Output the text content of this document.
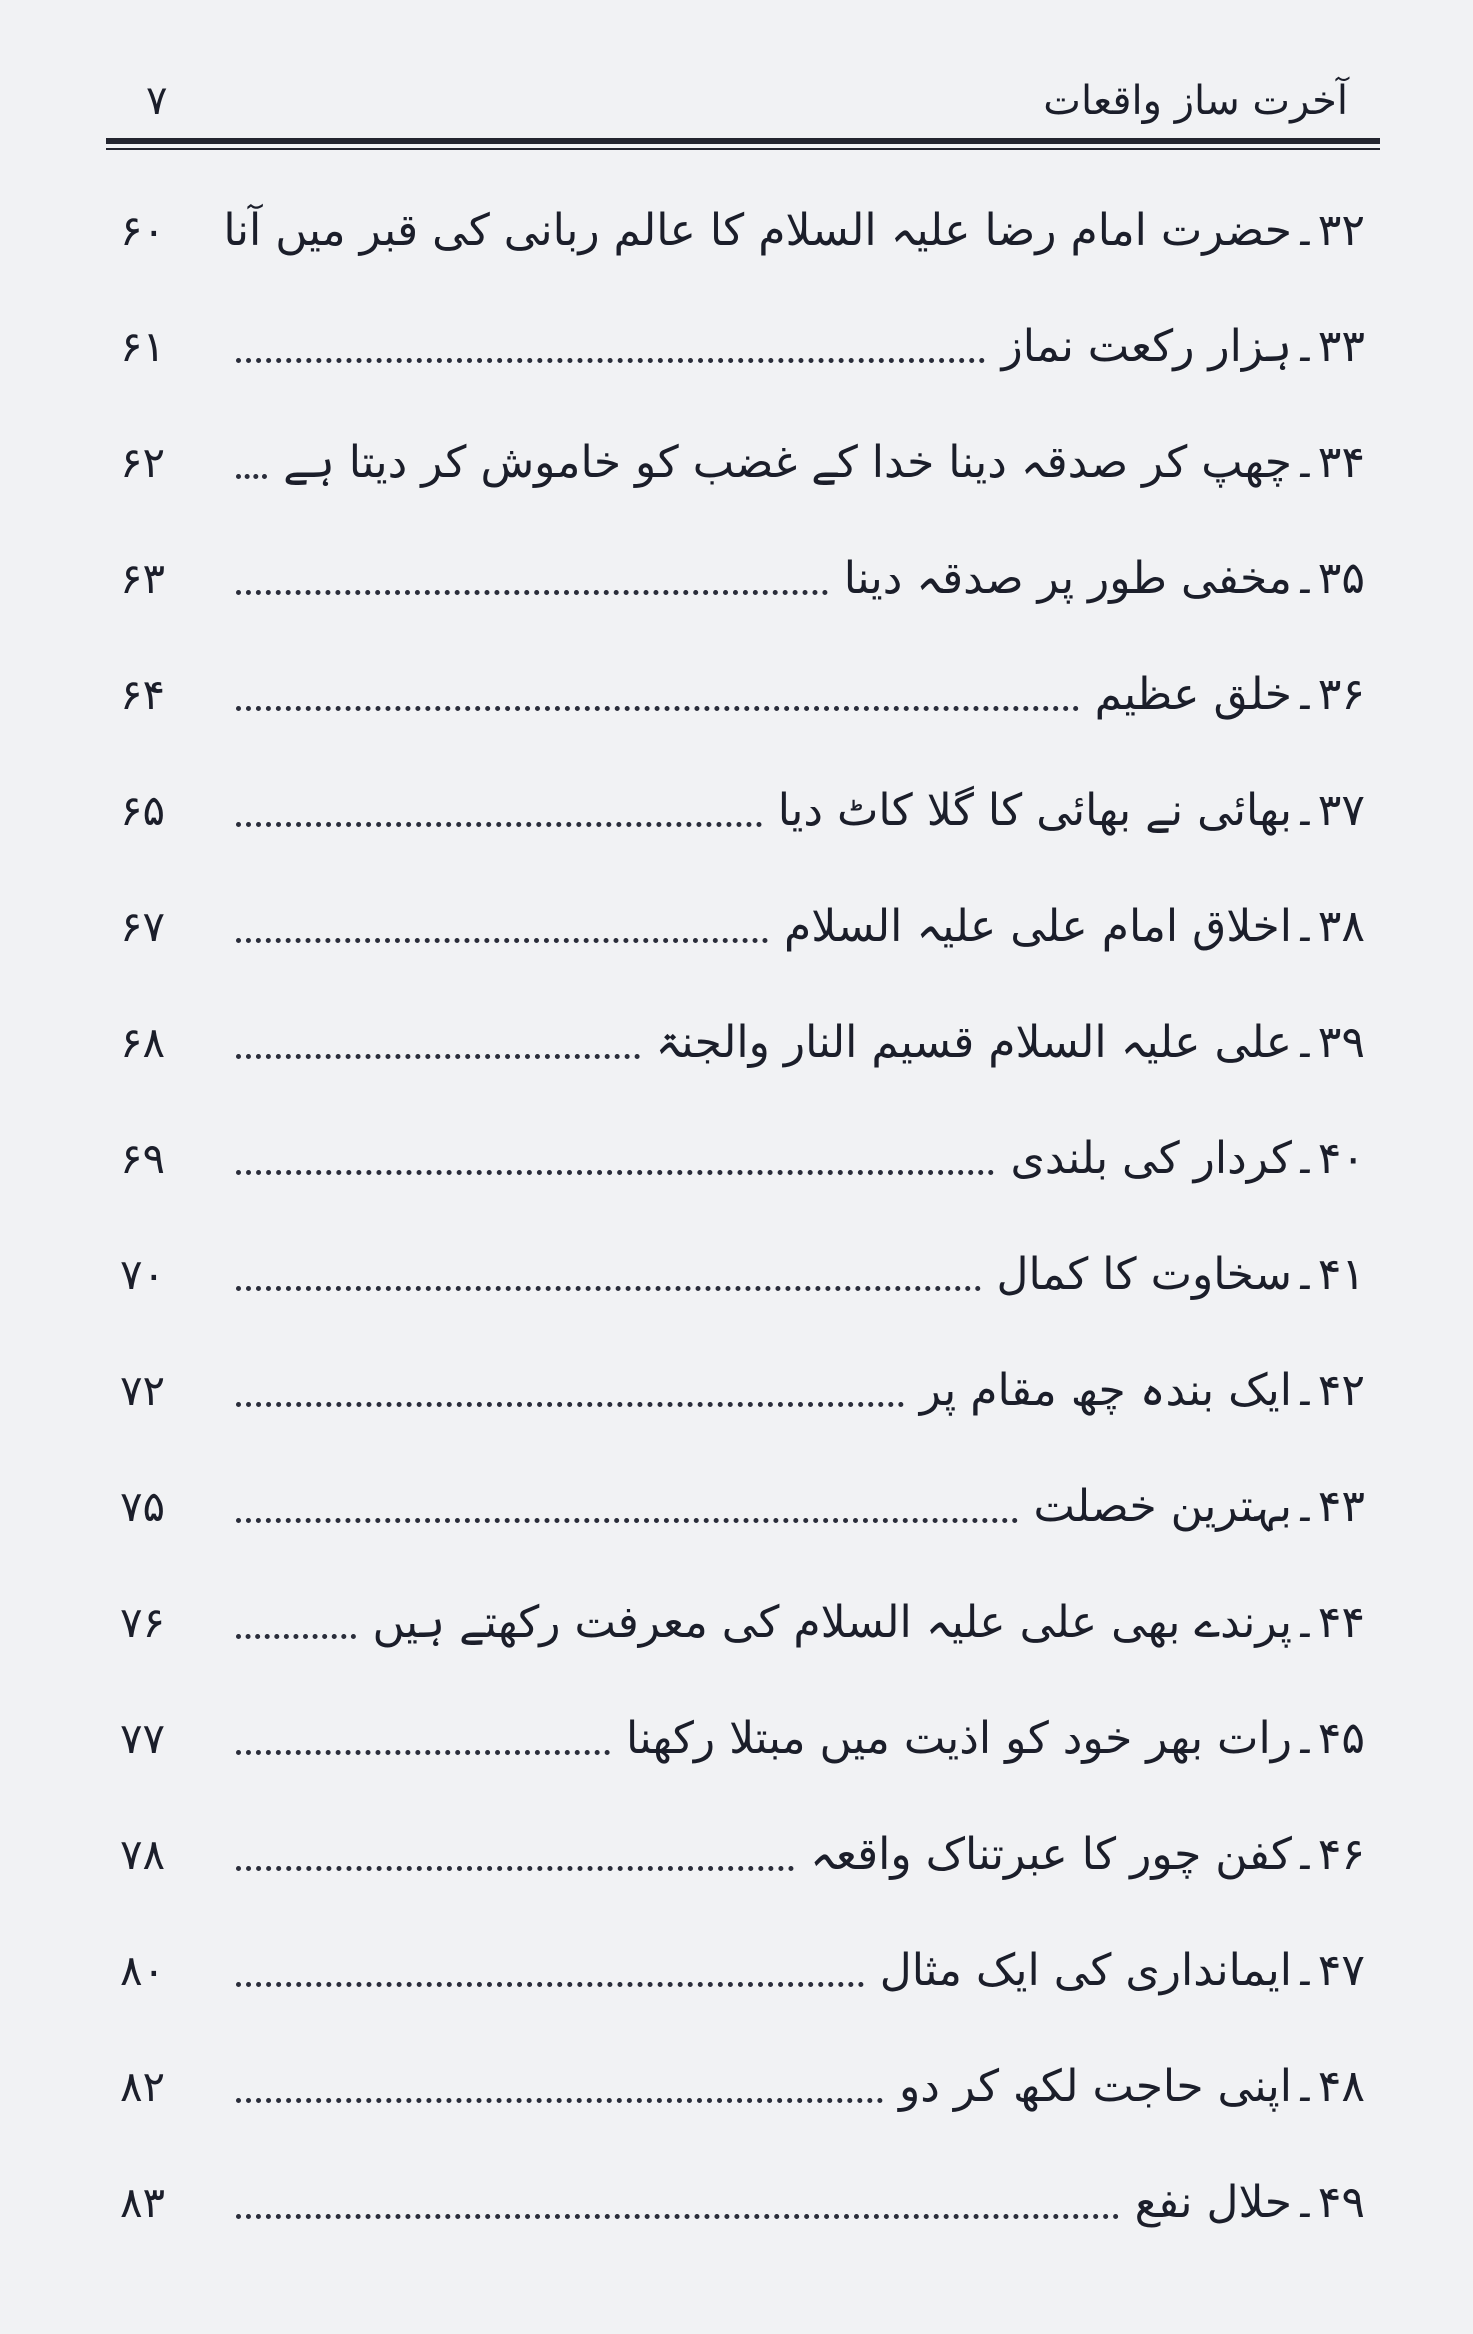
آخرت ساز واقعات
۷
۳۲۔
حضرت امام رضا علیہ السلام کا عالم ربانی کی قبر میں آنا
۶۰
۳۳۔
ہزار رکعت نماز
۶۱
۳۴۔
چھپ کر صدقہ دینا خدا کے غضب کو خاموش کر دیتا ہے
۶۲
۳۵۔
مخفی طور پر صدقہ دینا
۶۳
۳۶۔
خلق عظیم
۶۴
۳۷۔
بھائی نے بھائی کا گلا کاٹ دیا
۶۵
۳۸۔
اخلاق امام علی علیہ السلام
۶۷
۳۹۔
علی علیہ السلام قسیم النار والجنۃ
۶۸
۴۰۔
کردار کی بلندی
۶۹
۴۱۔
سخاوت کا کمال
۷۰
۴۲۔
ایک بندہ چھ مقام پر
۷۲
۴۳۔
بہترین خصلت
۷۵
۴۴۔
پرندے بھی علی علیہ السلام کی معرفت رکھتے ہیں
۷۶
۴۵۔
رات بھر خود کو اذیت میں مبتلا رکھنا
۷۷
۴۶۔
کفن چور کا عبرتناک واقعہ
۷۸
۴۷۔
ایمانداری کی ایک مثال
۸۰
۴۸۔
اپنی حاجت لکھ کر دو
۸۲
۴۹۔
حلال نفع
۸۳
